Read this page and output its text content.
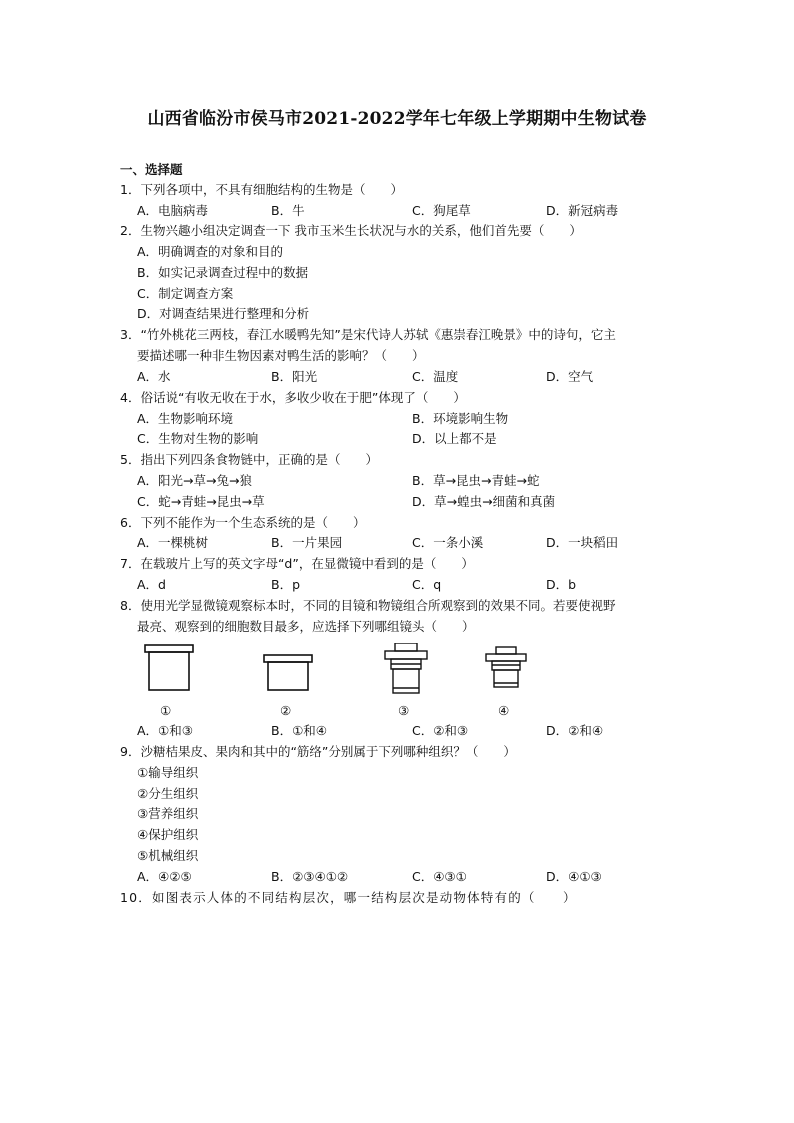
山西省临汾市侯马市2021-2022学年七年级上学期期中生物试卷
一、选择题
1．下列各项中，不具有细胞结构的生物是（　　）
A．电脑病毒	B．牛	C．狗尾草	D．新冠病毒
2．生物兴趣小组决定调查一下 我市玉米生长状况与水的关系，他们首先要（　　）
A．明确调查的对象和目的
B．如实记录调查过程中的数据
C．制定调查方案
D．对调查结果进行整理和分析
3．“竹外桃花三两枝，春江水暖鸭先知”是宋代诗人苏轼《惠崇春江晚景》中的诗句，它主
要描述哪一种非生物因素对鸭生活的影响？（　　）
A．水	B．阳光	C．温度	D．空气
4．俗话说“有收无收在于水，多收少收在于肥”体现了（　　）
A．生物影响环境	B．环境影响生物
C．生物对生物的影响	D．以上都不是
5．指出下列四条食物链中，正确的是（　　）
A．阳光→草→兔→狼	B．草→昆虫→青蛙→蛇
C．蛇→青蛙→昆虫→草	D．草→蝗虫→细菌和真菌
6．下列不能作为一个生态系统的是（　　）
A．一棵桃树	B．一片果园	C．一条小溪	D．一块稻田
7．在载玻片上写的英文字母“d”，在显微镜中看到的是（　　）
A．d	B．p	C．q	D．b
8．使用光学显微镜观察标本时，不同的目镜和物镜组合所观察到的效果不同。若要使视野
最亮、观察到的细胞数目最多，应选择下列哪组镜头（　　）
①	②	③	④
A．①和③	B．①和④	C．②和③	D．②和④
9．沙糖桔果皮、果肉和其中的“筋络”分别属于下列哪种组织？（　　）
①输导组织
②分生组织
③营养组织
④保护组织
⑤机械组织
A．④②⑤	B．②③④①②	C．④③①	D．④①③
10．如图表示人体的不同结构层次，哪一结构层次是动物体特有的（　　）
